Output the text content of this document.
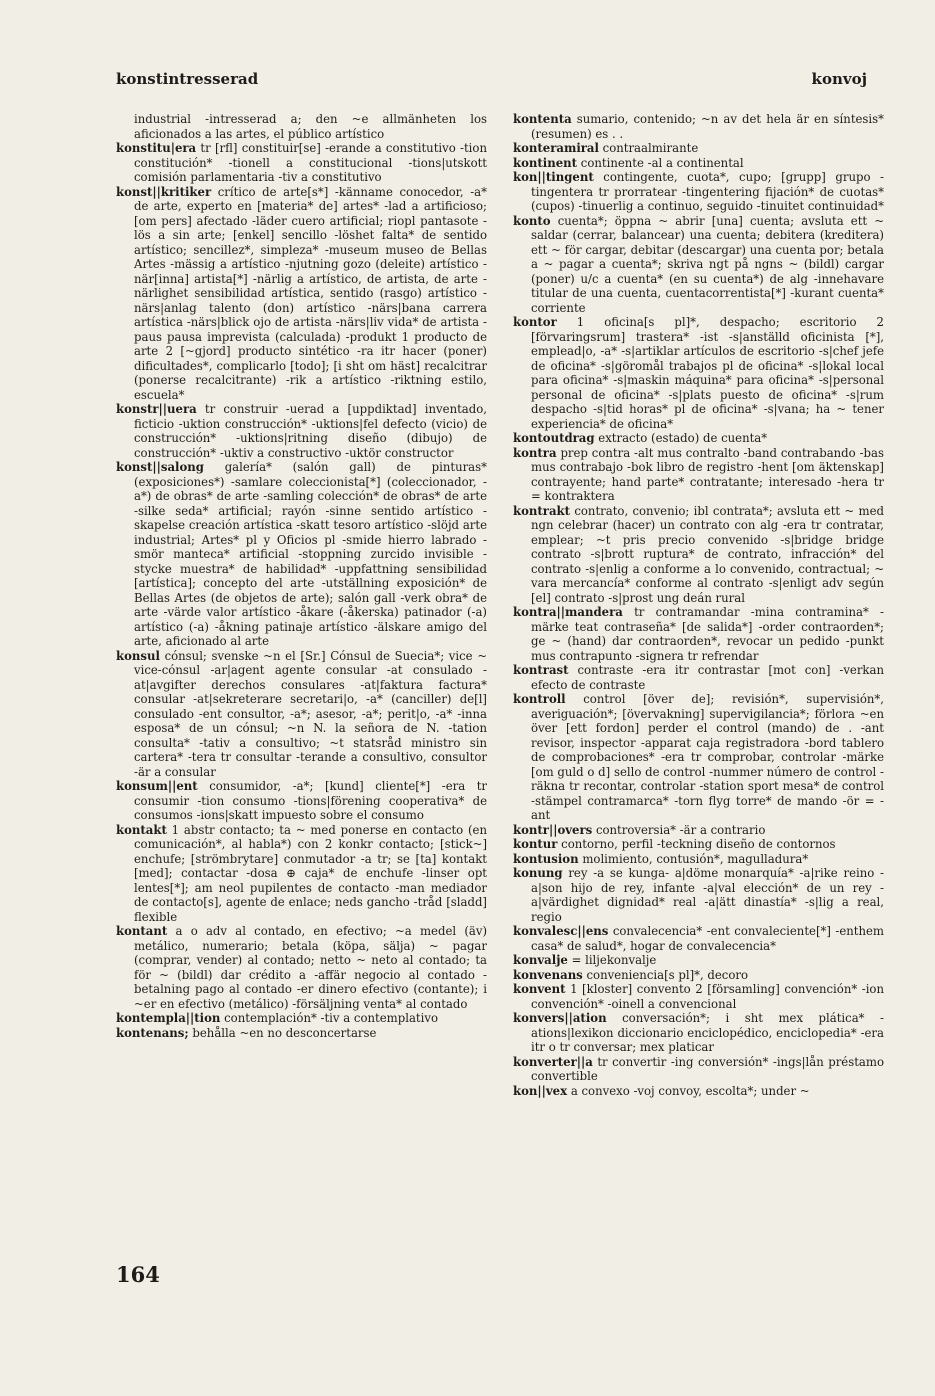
konstintresserad	konvoj

industrial -intresserad a; den ~e allmänheten los aficionados a las artes, el público artístico

konstitu|era tr [rfl] constituir[se] -erande a constitutivo -tion constitución* -tionell a constitucional -tions|utskott comisión parlamentaria -tiv a constitutivo

konst||kritiker crítico de arte[s*] -känname conocedor, -a* de arte, experto en [materia* de] artes* -lad a artificioso; [om pers] afectado -läder cuero artificial; riopl pantasote -lös a sin arte; [enkel] sencillo -löshet falta* de sentido artístico; sencillez*, simpleza* -museum museo de Bellas Artes -mässig a artístico -njutning gozo (deleite) artístico -när[inna] artista[*] -närlig a artístico, de artista, de arte -närlighet sensibilidad artística, sentido (rasgo) artístico -närs|anlag talento (don) artístico -närs|bana carrera artística -närs|blick ojo de artista -närs|liv vida* de artista -paus pausa imprevista (calculada) -produkt 1 producto de arte 2 [~gjord] producto sintético -ra itr hacer (poner) dificultades*, complicarlo [todo]; [i sht om häst] recalcitrar (ponerse recalcitrante) -rik a artístico -riktning estilo, escuela*

konstr||uera tr construir -uerad a [uppdiktad] inventado, ficticio -uktion construcción* -uktions|fel defecto (vicio) de construcción* -uktions|ritning diseño (dibujo) de construcción* -uktiv a constructivo -uktör constructor

konst||salong galería* (salón gall) de pinturas* (exposiciones*) -samlare coleccionista[*] (coleccionador, -a*) de obras* de arte -samling colección* de obras* de arte -silke seda* artificial; rayón -sinne sentido artístico -skapelse creación artística -skatt tesoro artístico -slöjd arte industrial; Artes* pl y Oficios pl -smide hierro labrado -smör manteca* artificial -stoppning zurcido invisible -stycke muestra* de habilidad* -uppfattning sensibilidad [artística]; concepto del arte -utställning exposición* de Bellas Artes (de objetos de arte); salón gall -verk obra* de arte -värde valor artístico -åkare (-åkerska) patinador (-a) artístico (-a) -åkning patinaje artístico -älskare amigo del arte, aficionado al arte

konsul cónsul; svenske ~n el [Sr.] Cónsul de Suecia*; vice ~ vice-cónsul -ar|agent agente consular -at consulado -at|avgifter derechos consulares -at|faktura factura* consular -at|sekreterare secretari|o, -a* (canciller) de[l] consulado -ent consultor, -a*; asesor, -a*; perit|o, -a* -inna esposa* de un cónsul; ~n N. la señora de N. -tation consulta* -tativ a consultivo; ~t statsråd ministro sin cartera* -tera tr consultar -terande a consultivo, consultor -är a consular

konsum||ent consumidor, -a*; [kund] cliente[*] -era tr consumir -tion consumo -tions|förening cooperativa* de consumos -ions|skatt impuesto sobre el consumo

kontakt 1 abstr contacto; ta ~ med ponerse en contacto (en comunicación*, al habla*) con 2 konkr contacto; [stick~] enchufe; [strömbrytare] conmutador -a tr; se [ta] kontakt [med]; contactar -dosa ⊕ caja* de enchufe -linser opt lentes[*]; am neol pupilentes de contacto -man mediador de contacto[s], agente de enlace; neds gancho -tråd [sladd] flexible

kontant a o adv al contado, en efectivo; ~a medel (äv) metálico, numerario; betala (köpa, sälja) ~ pagar (comprar, vender) al contado; netto ~ neto al contado; ta för ~ (bildl) dar crédito a -affär negocio al contado -betalning pago al contado -er dinero efectivo (contante); i ~er en efectivo (metálico) -försäljning venta* al contado

kontempla||tion contemplación* -tiv a contemplativo

kontenans; behålla ~en no desconcertarse

kontenta sumario, contenido; ~n av det hela är en síntesis* (resumen) es . .

konteramiral contraalmirante

kontinent continente -al a continental

kon||tingent contingente, cuota*, cupo; [grupp] grupo -tingentera tr prorratear -tingentering fijación* de cuotas* (cupos) -tinuerlig a continuo, seguido -tinuitet continuidad*

konto cuenta*; öppna ~ abrir [una] cuenta; avsluta ett ~ saldar (cerrar, balancear) una cuenta; debitera (kreditera) ett ~ för cargar, debitar (descargar) una cuenta por; betala a ~ pagar a cuenta*; skriva ngt på ngns ~ (bildl) cargar (poner) u/c a cuenta* (en su cuenta*) de alg -innehavare titular de una cuenta, cuentacorrentista[*] -kurant cuenta* corriente

kontor 1 oficina[s pl]*, despacho; escritorio 2 [förvaringsrum] trastera* -ist -s|anställd oficinista [*], emplead|o, -a* -s|artiklar artículos de escritorio -s|chef jefe de oficina* -s|göromål trabajos pl de oficina* -s|lokal local para oficina* -s|maskin máquina* para oficina* -s|personal personal de oficina* -s|plats puesto de oficina* -s|rum despacho -s|tid horas* pl de oficina* -s|vana; ha ~ tener experiencia* de oficina*

kontoutdrag extracto (estado) de cuenta*

kontra prep contra -alt mus contralto -band contrabando -bas mus contrabajo -bok libro de registro -hent [om äktenskap] contrayente; hand parte* contratante; interesado -hera tr = kontraktera

kontrakt contrato, convenio; ibl contrata*; avsluta ett ~ med ngn celebrar (hacer) un contrato con alg -era tr contratar, emplear; ~t pris precio convenido -s|bridge bridge contrato -s|brott ruptura* de contrato, infracción* del contrato -s|enlig a conforme a lo convenido, contractual; ~ vara mercancía* conforme al contrato -s|enligt adv según [el] contrato -s|prost ung deán rural

kontra||mandera tr contramandar -mina contramina* -märke teat contraseña* [de salida*] -order contraorden*; ge ~ (hand) dar contraorden*, revocar un pedido -punkt mus contrapunto -signera tr refrendar

kontrast contraste -era itr contrastar [mot con] -verkan efecto de contraste

kontroll control [över de]; revisión*, supervisión*, averiguación*; [övervakning] supervigilancia*; förlora ~en över [ett fordon] perder el control (mando) de . -ant revisor, inspector -apparat caja registradora -bord tablero de comprobaciones* -era tr comprobar, controlar -märke [om guld o d] sello de control -nummer número de control -räkna tr recontar, controlar -station sport mesa* de control -stämpel contramarca* -torn flyg torre* de mando -ör = -ant

kontr||overs controversia* -är a contrario

kontur contorno, perfil -teckning diseño de contornos

kontusion molimiento, contusión*, magulladura*

konung rey -a se kunga- a|döme monarquía* -a|rike reino -a|son hijo de rey, infante -a|val elección* de un rey -a|värdighet dignidad* real -a|ätt dinastía* -s|lig a real, regio

konvalesc||ens convalecencia* -ent convaleciente[*] -enthem casa* de salud*, hogar de convalecencia*

konvalje = liljekonvalje

konvenans conveniencia[s pl]*, decoro

konvent 1 [kloster] convento 2 [församling] convención* -ion convención* -oinell a convencional

konvers||ation conversación*; i sht mex plática* -ations|lexikon diccionario enciclopédico, enciclopedia* -era itr o tr conversar; mex platicar

konverter||a tr convertir -ing conversión* -ings|lån préstamo convertible

kon||vex a convexo -voj convoy, escolta*; under ~

164
